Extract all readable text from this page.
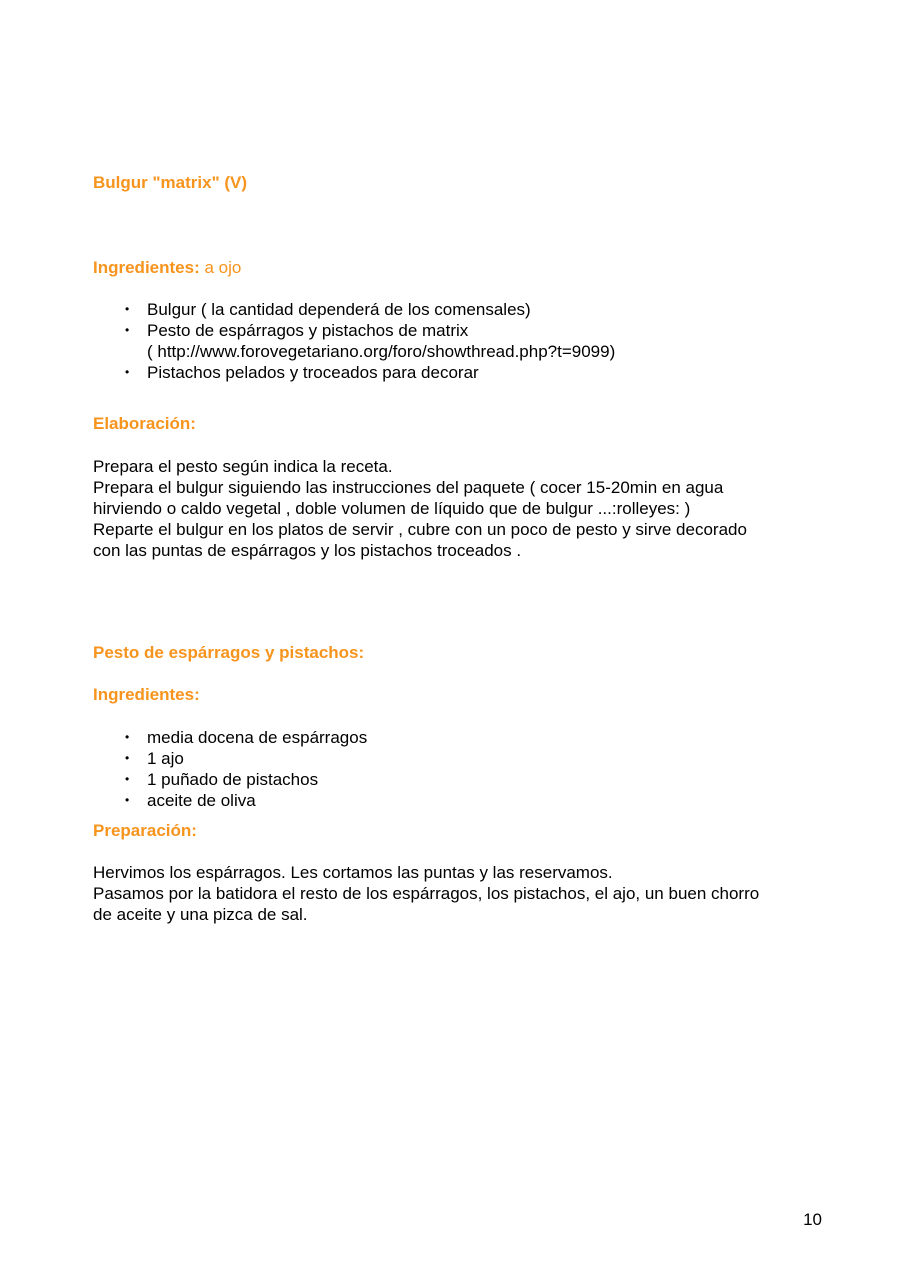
Bulgur "matrix" (V)
Ingredientes: a ojo
• Bulgur ( la cantidad dependerá de los comensales)
• Pesto de espárragos y pistachos de matrix
( http://www.forovegetariano.org/foro/showthread.php?t=9099)
• Pistachos pelados y troceados para decorar
Elaboración:
Prepara el pesto según indica la receta.
Prepara el bulgur siguiendo las instrucciones del paquete ( cocer 15-20min en agua
hirviendo o caldo vegetal , doble volumen de líquido que de bulgur ...:rolleyes: )
Reparte el bulgur en los platos de servir , cubre con un poco de pesto y sirve decorado
con las puntas de espárragos y los pistachos troceados .
Pesto de espárragos y pistachos:
Ingredientes:
• media docena de espárragos
• 1 ajo
• 1 puñado de pistachos
• aceite de oliva
Preparación:
Hervimos los espárragos. Les cortamos las puntas y las reservamos.
Pasamos por la batidora el resto de los espárragos, los pistachos, el ajo, un buen chorro
de aceite y una pizca de sal.
10
